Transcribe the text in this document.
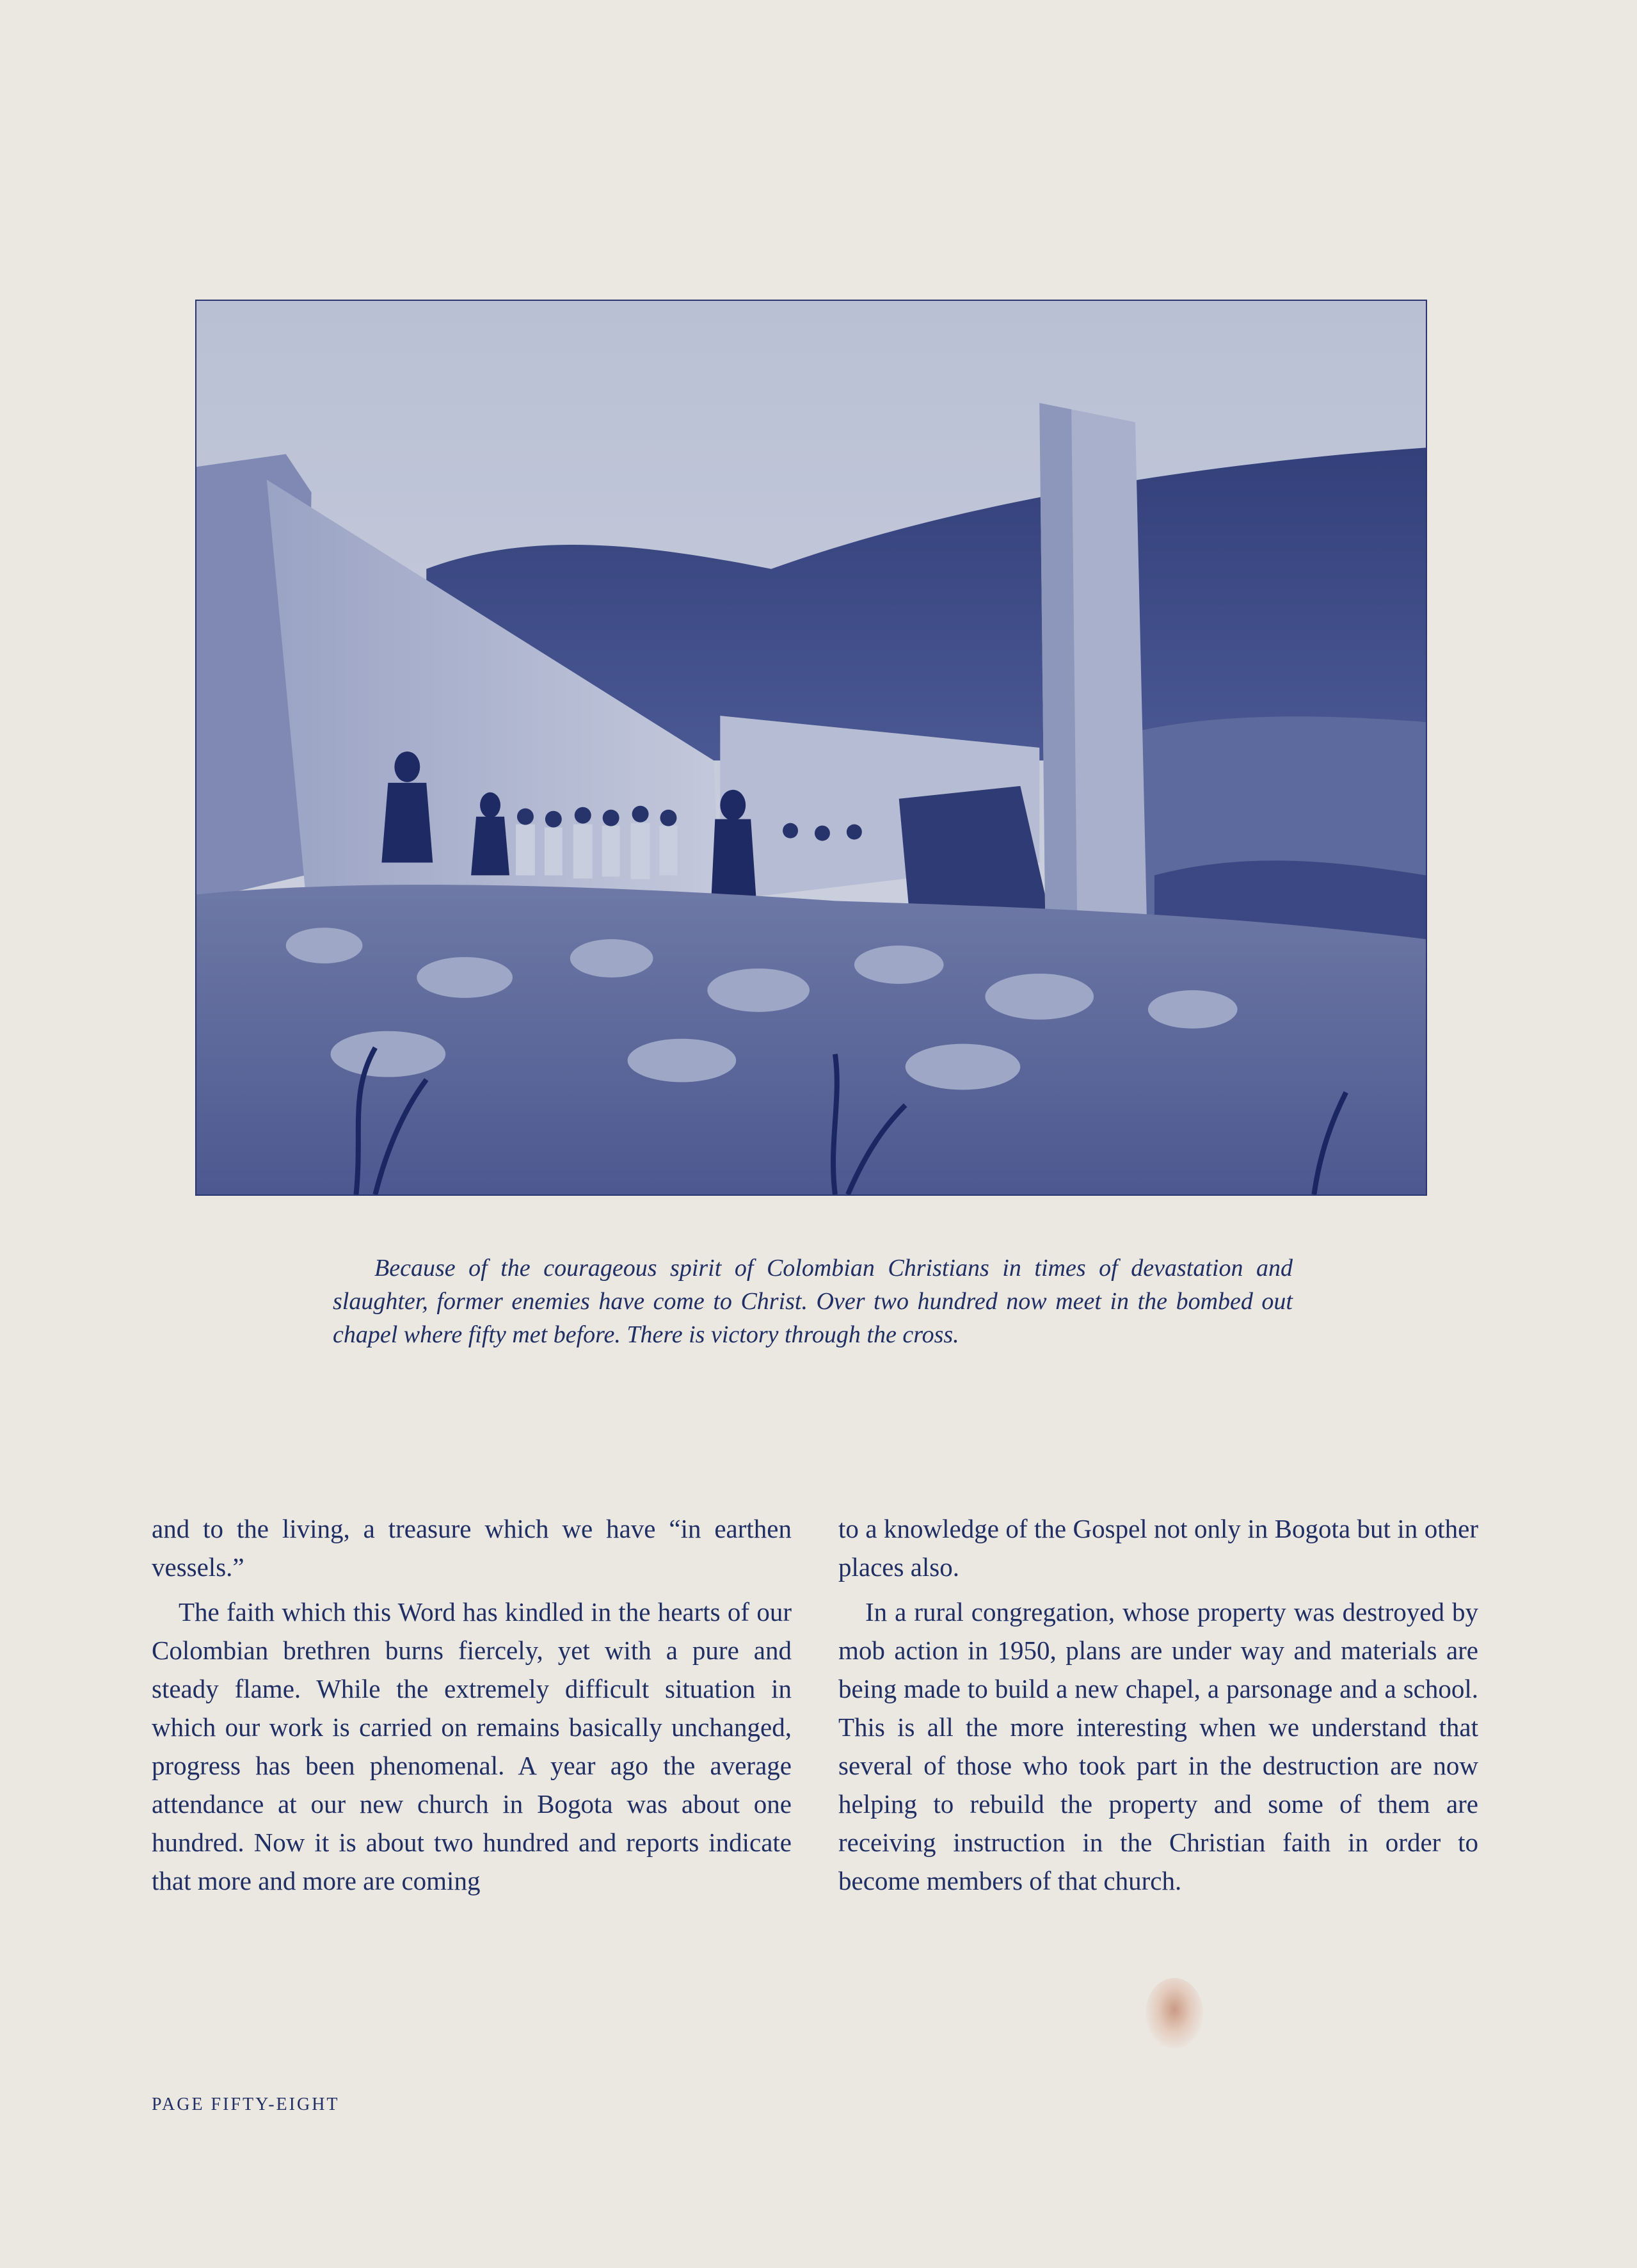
Because of the courageous spirit of Colombian Christians in times of devastation and slaughter, former enemies have come to Christ. Over two hundred now meet in the bombed out chapel where fifty met before. There is victory through the cross.

and to the living, a treasure which we have “in earthen vessels.”

The faith which this Word has kindled in the hearts of our Colombian brethren burns fiercely, yet with a pure and steady flame. While the extremely difficult situation in which our work is carried on remains basically unchanged, progress has been phenomenal. A year ago the average attendance at our new church in Bogota was about one hundred. Now it is about two hundred and reports indicate that more and more are coming

to a knowledge of the Gospel not only in Bogota but in other places also.

In a rural congregation, whose property was destroyed by mob action in 1950, plans are under way and materials are being made to build a new chapel, a parsonage and a school. This is all the more interesting when we understand that several of those who took part in the destruction are now helping to rebuild the property and some of them are receiving instruction in the Christian faith in order to become members of that church.

PAGE FIFTY-EIGHT
